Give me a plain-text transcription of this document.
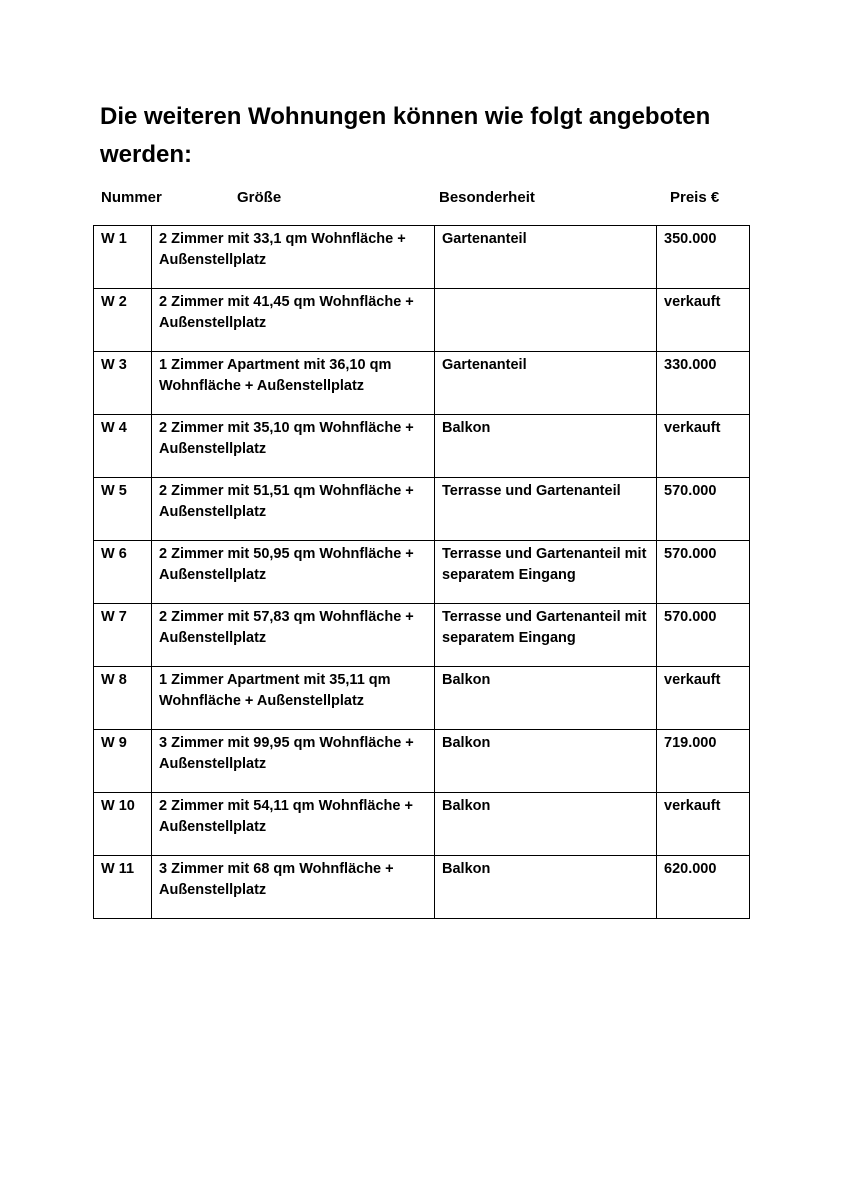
Die weiteren Wohnungen können wie folgt angeboten werden:
Nummer	Größe	Besonderheit	Preis €
W 1	2 Zimmer mit 33,1 qm Wohnfläche + Außenstellplatz	Gartenanteil	350.000
W 2	2 Zimmer mit 41,45 qm Wohnfläche + Außenstellplatz		verkauft
W 3	1 Zimmer Apartment mit 36,10 qm Wohnfläche + Außenstellplatz	Gartenanteil	330.000
W 4	2 Zimmer mit 35,10 qm Wohnfläche + Außenstellplatz	Balkon	verkauft
W 5	2 Zimmer mit 51,51 qm Wohnfläche + Außenstellplatz	Terrasse und Gartenanteil	570.000
W 6	2 Zimmer mit 50,95 qm Wohnfläche + Außenstellplatz	Terrasse und Gartenanteil mit separatem Eingang	570.000
W 7	2 Zimmer mit 57,83 qm Wohnfläche + Außenstellplatz	Terrasse und Gartenanteil mit separatem Eingang	570.000
W 8	1 Zimmer Apartment mit 35,11 qm Wohnfläche + Außenstellplatz	Balkon	verkauft
W 9	3 Zimmer mit 99,95 qm Wohnfläche + Außenstellplatz	Balkon	719.000
W 10	2 Zimmer mit 54,11 qm Wohnfläche + Außenstellplatz	Balkon	verkauft
W 11	3 Zimmer mit 68 qm Wohnfläche + Außenstellplatz	Balkon	620.000
